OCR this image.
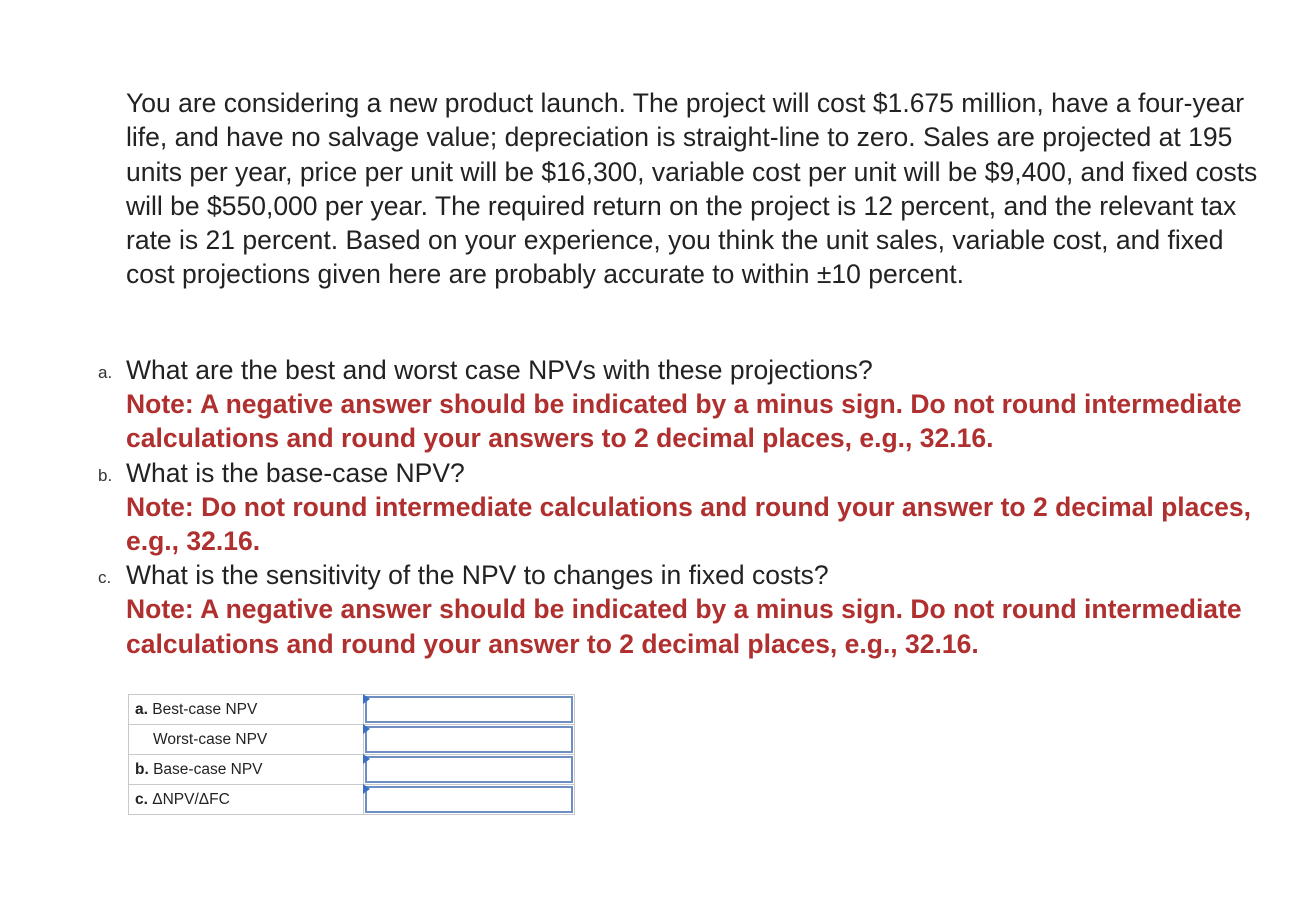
You are considering a new product launch. The project will cost $1.675 million, have a four-year life, and have no salvage value; depreciation is straight-line to zero. Sales are projected at 195 units per year, price per unit will be $16,300, variable cost per unit will be $9,400, and fixed costs will be $550,000 per year. The required return on the project is 12 percent, and the relevant tax rate is 21 percent. Based on your experience, you think the unit sales, variable cost, and fixed cost projections given here are probably accurate to within ±10 percent.

a. What are the best and worst case NPVs with these projections?
Note: A negative answer should be indicated by a minus sign. Do not round intermediate calculations and round your answers to 2 decimal places, e.g., 32.16.
b. What is the base-case NPV?
Note: Do not round intermediate calculations and round your answer to 2 decimal places, e.g., 32.16.
c. What is the sensitivity of the NPV to changes in fixed costs?
Note: A negative answer should be indicated by a minus sign. Do not round intermediate calculations and round your answer to 2 decimal places, e.g., 32.16.
a. Best-case NPV	

Worst-case NPV	

b. Base-case NPV	

c. ΔNPV/ΔFC	
